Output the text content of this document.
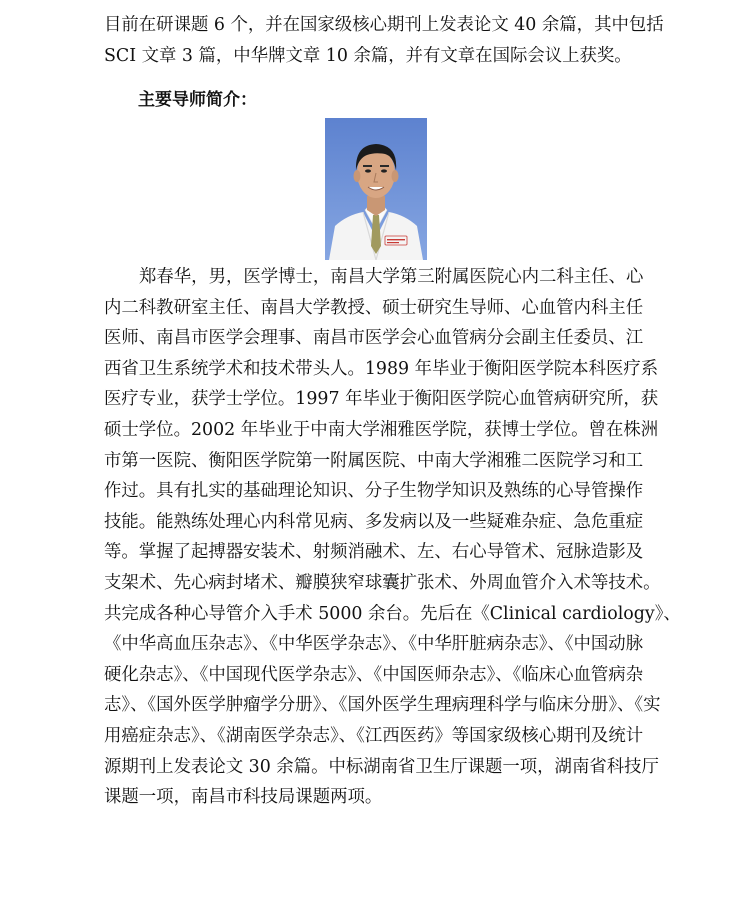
目前在研课题 6 个，并在国家级核心期刊上发表论文 40 余篇，其中包括
SCI 文章 3 篇，中华牌文章 10 余篇，并有文章在国际会议上获奖。

主要导师简介：

郑春华，男，医学博士，南昌大学第三附属医院心内二科主任、心
内二科教研室主任、南昌大学教授、硕士研究生导师、心血管内科主任
医师、南昌市医学会理事、南昌市医学会心血管病分会副主任委员、江
西省卫生系统学术和技术带头人。1989 年毕业于衡阳医学院本科医疗系
医疗专业，获学士学位。1997 年毕业于衡阳医学院心血管病研究所，获
硕士学位。2002 年毕业于中南大学湘雅医学院，获博士学位。曾在株洲
市第一医院、衡阳医学院第一附属医院、中南大学湘雅二医院学习和工
作过。具有扎实的基础理论知识、分子生物学知识及熟练的心导管操作
技能。能熟练处理心内科常见病、多发病以及一些疑难杂症、急危重症
等。掌握了起搏器安装术、射频消融术、左、右心导管术、冠脉造影及
支架术、先心病封堵术、瓣膜狭窄球囊扩张术、外周血管介入术等技术。
共完成各种心导管介入手术 5000 余台。先后在《Clinical cardiology》、
《中华高血压杂志》、《中华医学杂志》、《中华肝脏病杂志》、《中国动脉
硬化杂志》、《中国现代医学杂志》、《中国医师杂志》、《临床心血管病杂
志》、《国外医学肿瘤学分册》、《国外医学生理病理科学与临床分册》、《实
用癌症杂志》、《湖南医学杂志》、《江西医药》等国家级核心期刊及统计
源期刊上发表论文 30 余篇。中标湖南省卫生厅课题一项，湖南省科技厅
课题一项，南昌市科技局课题两项。
